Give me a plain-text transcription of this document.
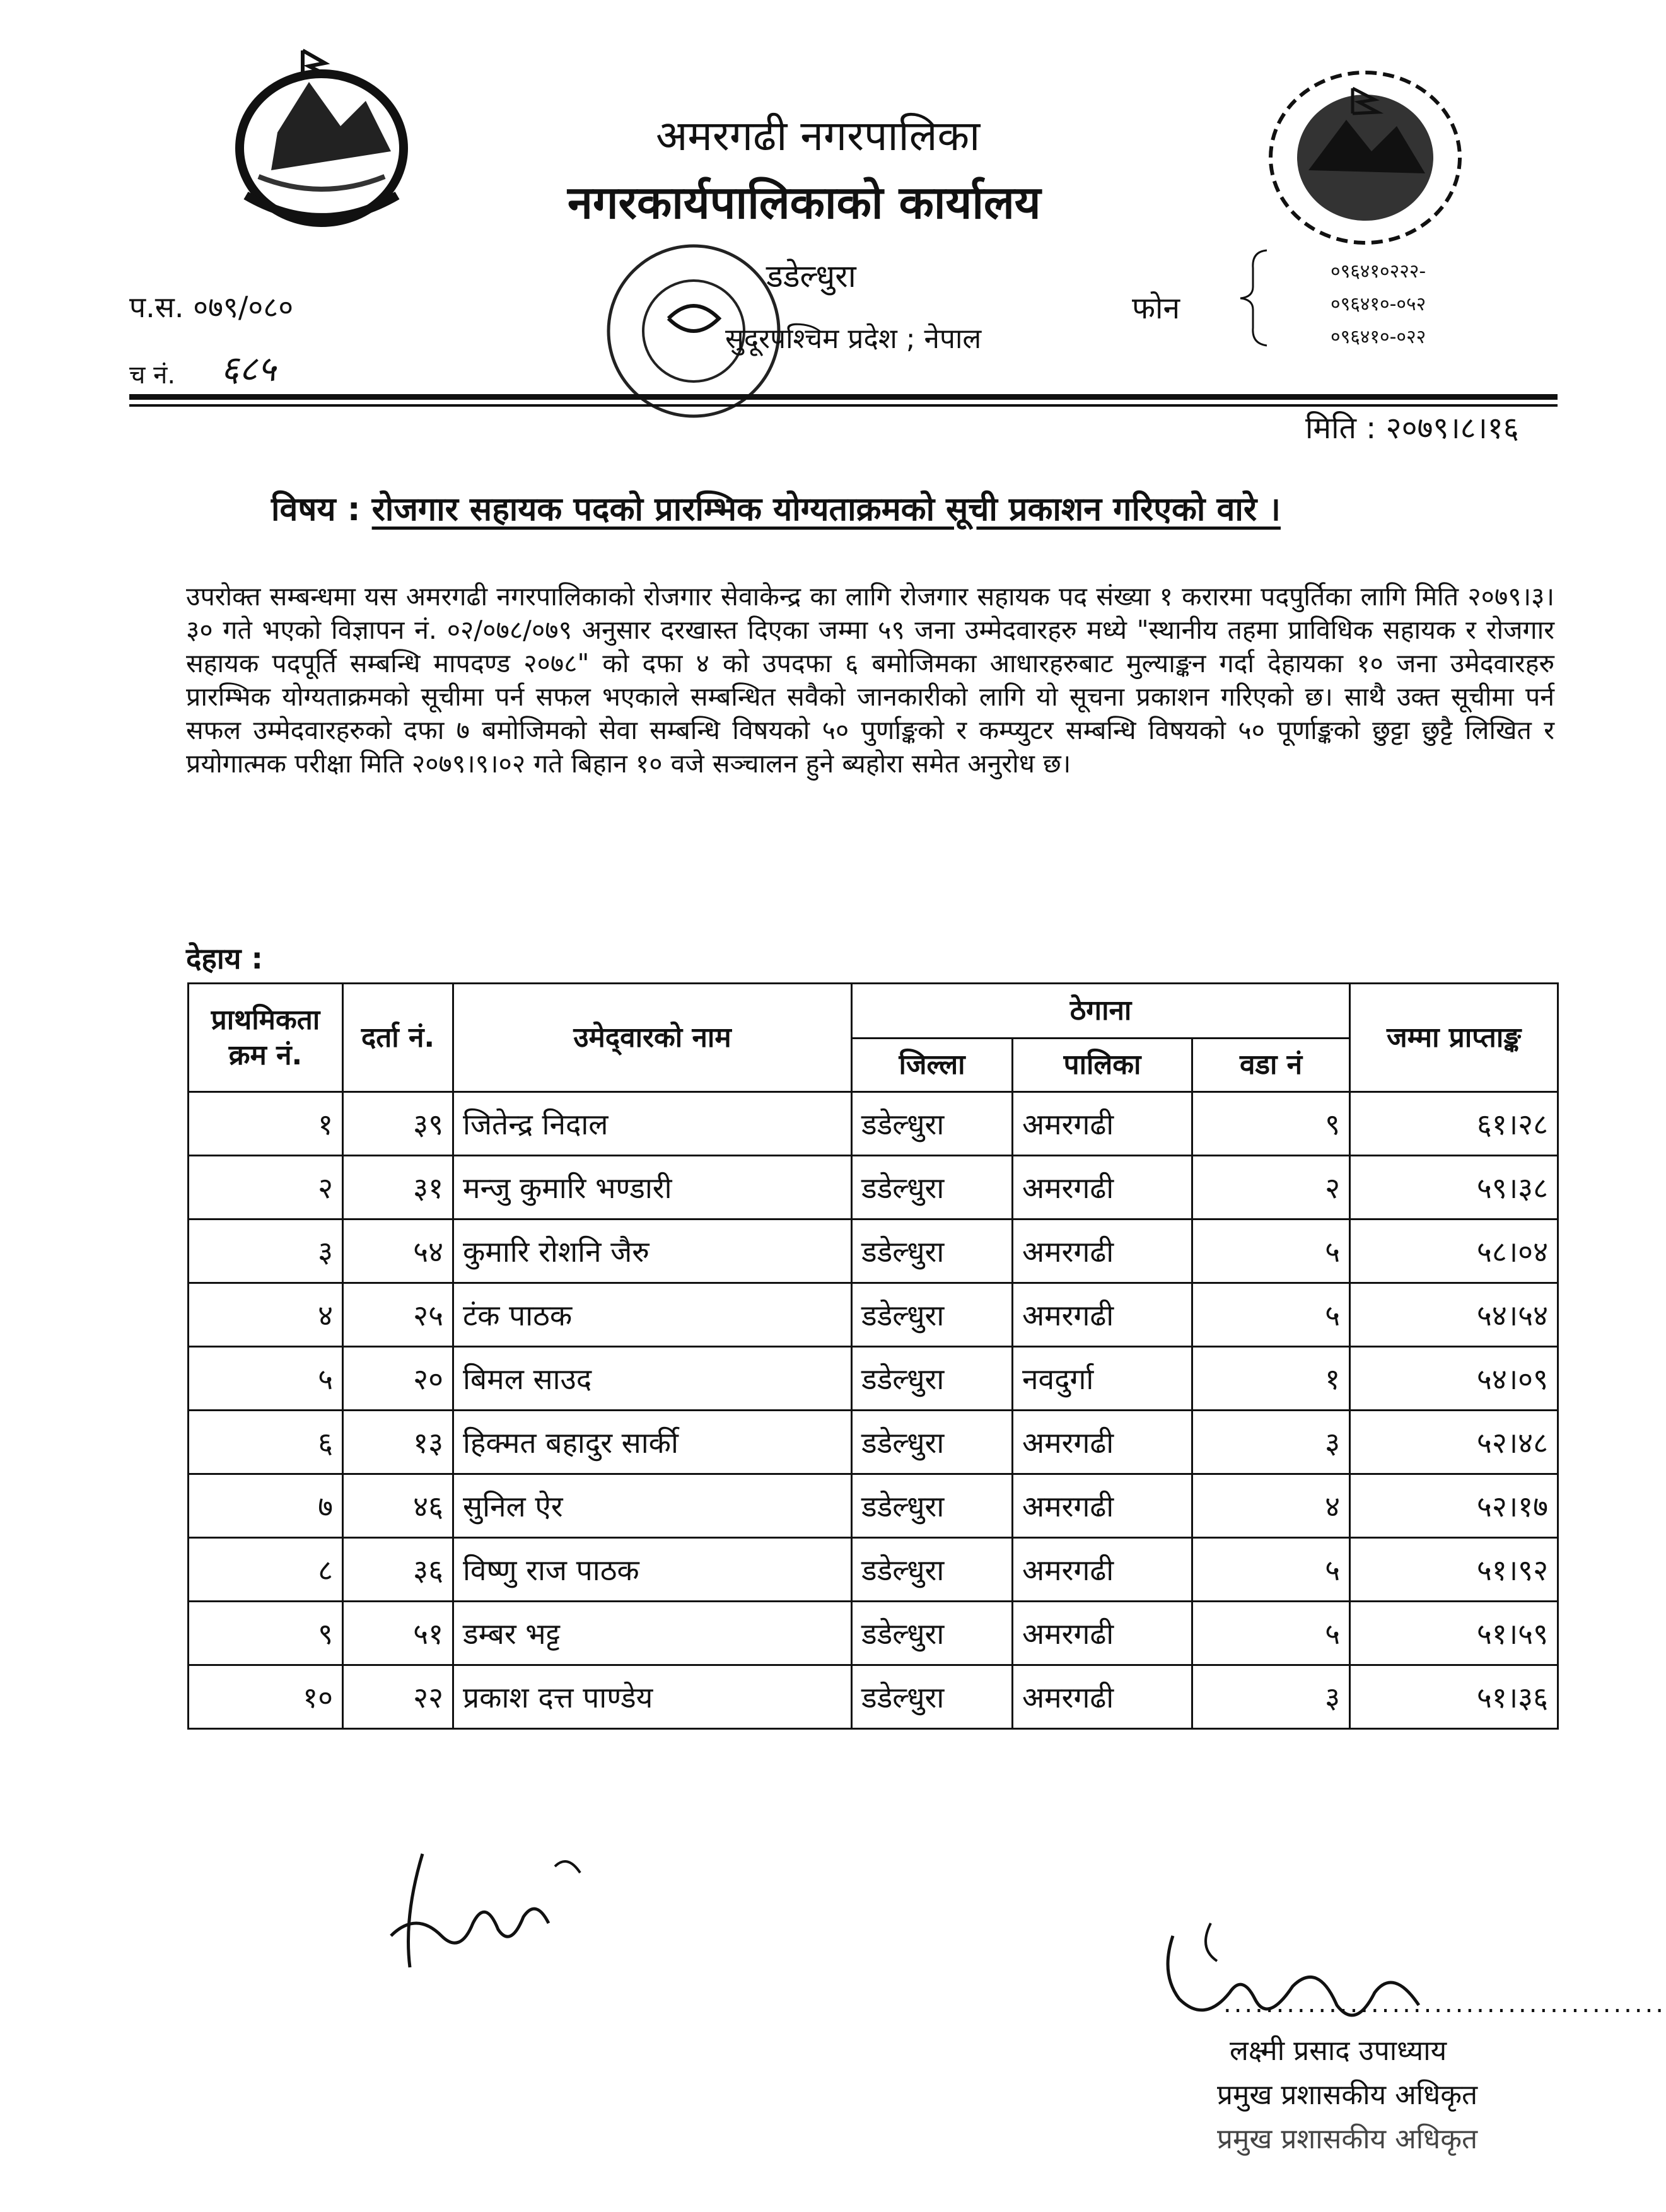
अमरगढी नगरपालिका
नगरकार्यपालिकाको कार्यालय
डडेल्धुरा
सुदूरपश्चिम प्रदेश ; नेपाल
फोन
०९६४१०२२२-
०९६४१०-०५२
०९६४१०-०२२
प.स. ०७९/०८०
च नं. ६८५
मिति : २०७९।८।१६
विषय : रोजगार सहायक पदको प्रारम्भिक योग्यताक्रमको सूची प्रकाशन गरिएको वारे ।
उपरोक्त सम्बन्धमा यस अमरगढी नगरपालिकाको रोजगार सेवाकेन्द्र का लागि रोजगार सहायक पद संख्या १ करारमा पदपुर्तिका लागि मिति २०७९।३।३० गते भएको विज्ञापन नं. ०२/०७८/०७९ अनुसार दरखास्त दिएका जम्मा ५९ जना उम्मेदवारहरु मध्ये "स्थानीय तहमा प्राविधिक सहायक र रोजगार सहायक पदपूर्ति सम्बन्धि मापदण्ड २०७८" को दफा ४ को उपदफा ६ बमोजिमका आधारहरुबाट मुल्याङ्कन गर्दा देहायका १० जना उमेदवारहरु प्रारम्भिक योग्यताक्रमको सूचीमा पर्न सफल भएकाले सम्बन्धित सवैको जानकारीको लागि यो सूचना प्रकाशन गरिएको छ। साथै उक्त सूचीमा पर्न सफल उम्मेदवारहरुको दफा ७ बमोजिमको सेवा सम्बन्धि विषयको ५० पुर्णाङ्कको र कम्प्युटर सम्बन्धि विषयको ५० पूर्णाङ्कको छुट्टा छुट्टै लिखित र प्रयोगात्मक परीक्षा मिति २०७९।९।०२ गते बिहान १० वजे सञ्चालन हुने ब्यहोरा समेत अनुरोध छ।
देहाय :
प्राथमिकता क्रम नं.	दर्ता नं.	उमेद्‌वारको नाम	ठेगाना			जम्मा प्राप्ताङ्क
			जिल्ला	पालिका	वडा नं	
१	३९	जितेन्द्र निदाल	डडेल्धुरा	अमरगढी	९	६१।२८
२	३१	मन्जु कुमारि भण्डारी	डडेल्धुरा	अमरगढी	२	५९।३८
३	५४	कुमारि रोशनि जैरु	डडेल्धुरा	अमरगढी	५	५८।०४
४	२५	टंक पाठक	डडेल्धुरा	अमरगढी	५	५४।५४
५	२०	बिमल साउद	डडेल्धुरा	नवदुर्गा	१	५४।०९
६	१३	हिक्मत बहादुर सार्की	डडेल्धुरा	अमरगढी	३	५२।४८
७	४६	सुनिल ऐर	डडेल्धुरा	अमरगढी	४	५२।१७
८	३६	विष्णु राज पाठक	डडेल्धुरा	अमरगढी	५	५१।९२
९	५१	डम्बर भट्ट	डडेल्धुरा	अमरगढी	५	५१।५९
१०	२२	प्रकाश दत्त पाण्डेय	डडेल्धुरा	अमरगढी	३	५१।३६
..........................................
लक्ष्मी प्रसाद उपाध्याय
प्रमुख प्रशासकीय अधिकृत
प्रमुख प्रशासकीय अधिकृत
